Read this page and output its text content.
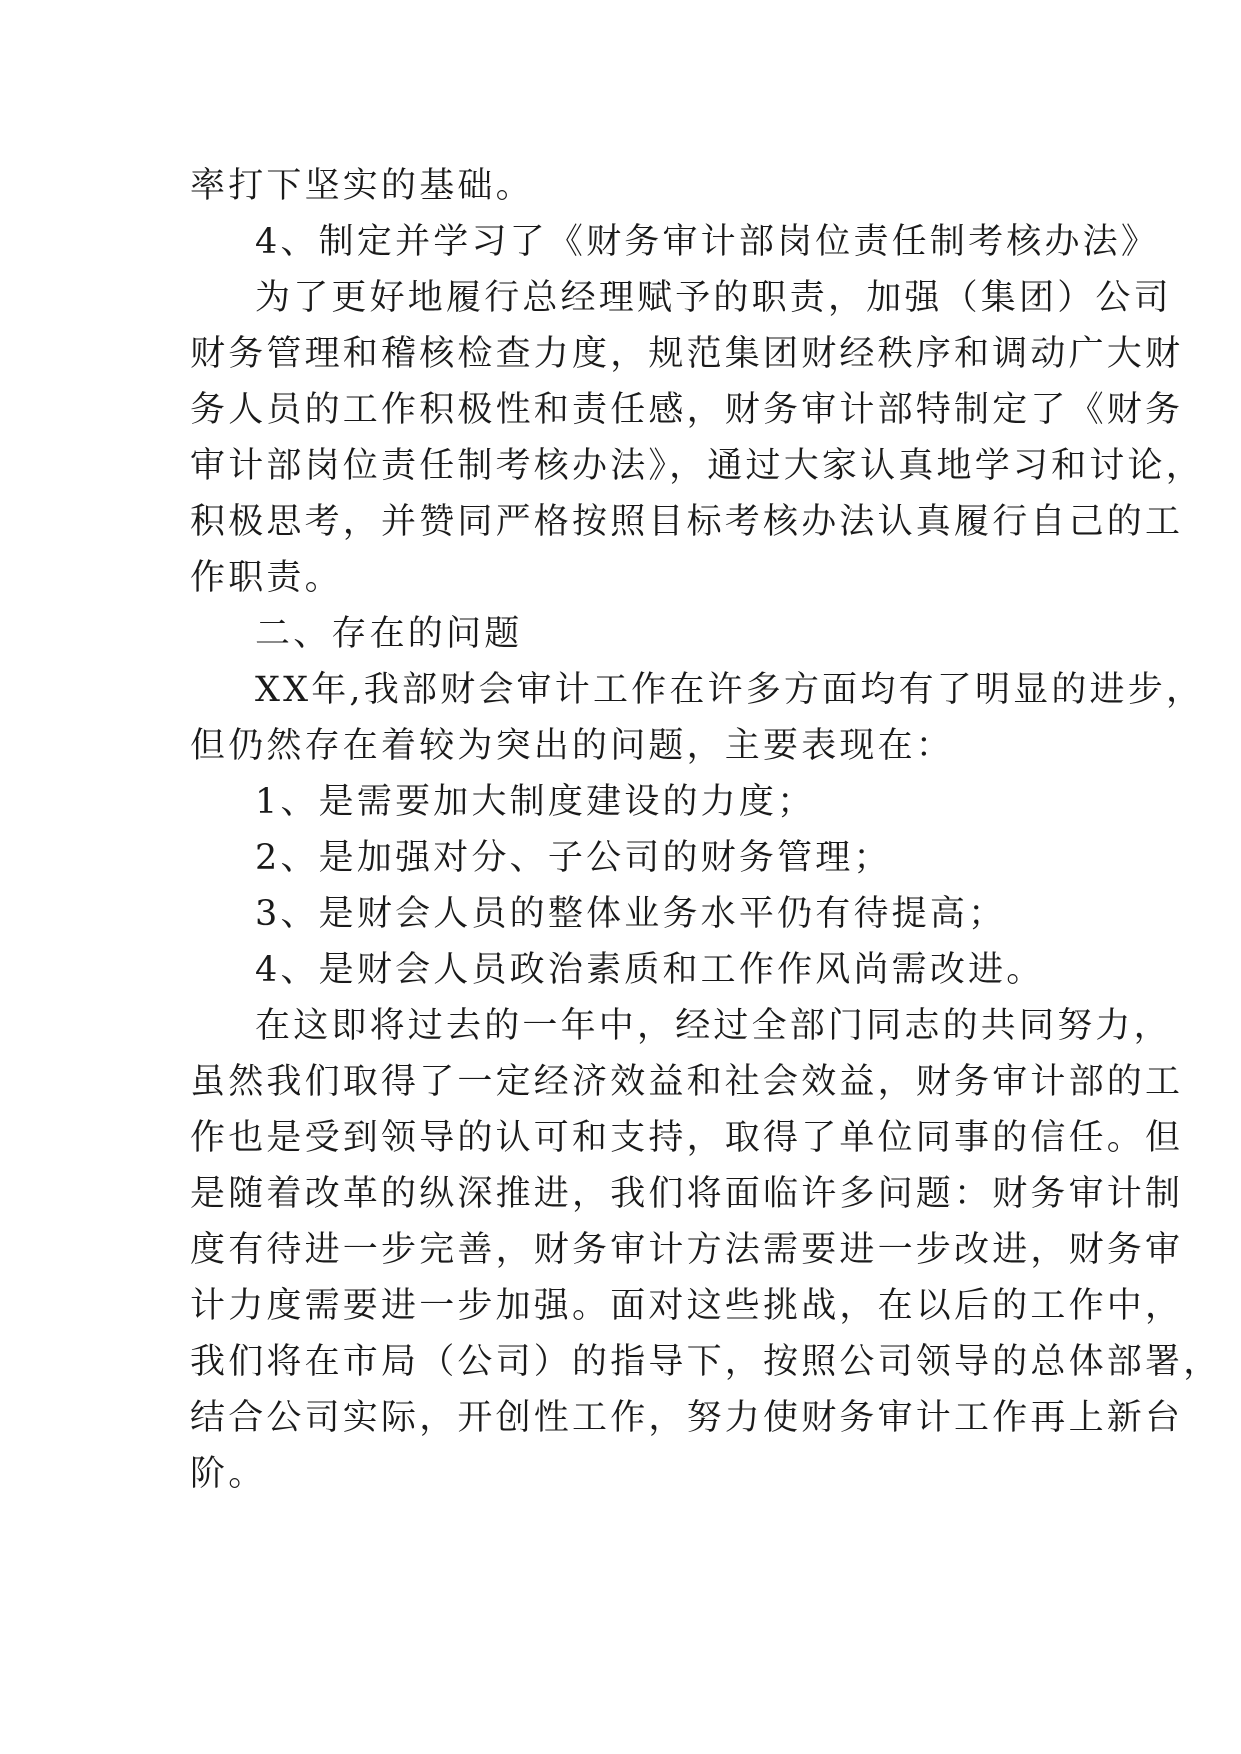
率打下坚实的基础。
4、制定并学习了《财务审计部岗位责任制考核办法》
为了更好地履行总经理赋予的职责，加强（集团）公司
财务管理和稽核检查力度，规范集团财经秩序和调动广大财
务人员的工作积极性和责任感，财务审计部特制定了《财务
审计部岗位责任制考核办法》，通过大家认真地学习和讨论，
积极思考，并赞同严格按照目标考核办法认真履行自己的工
作职责。
二、存在的问题
XX年,我部财会审计工作在许多方面均有了明显的进步，
但仍然存在着较为突出的问题，主要表现在：
1、是需要加大制度建设的力度；
2、是加强对分、子公司的财务管理；
3、是财会人员的整体业务水平仍有待提高；
4、是财会人员政治素质和工作作风尚需改进。
在这即将过去的一年中，经过全部门同志的共同努力，
虽然我们取得了一定经济效益和社会效益，财务审计部的工
作也是受到领导的认可和支持，取得了单位同事的信任。但
是随着改革的纵深推进，我们将面临许多问题：财务审计制
度有待进一步完善，财务审计方法需要进一步改进，财务审
计力度需要进一步加强。面对这些挑战，在以后的工作中，
我们将在市局（公司）的指导下，按照公司领导的总体部署，
结合公司实际，开创性工作，努力使财务审计工作再上新台
阶。
